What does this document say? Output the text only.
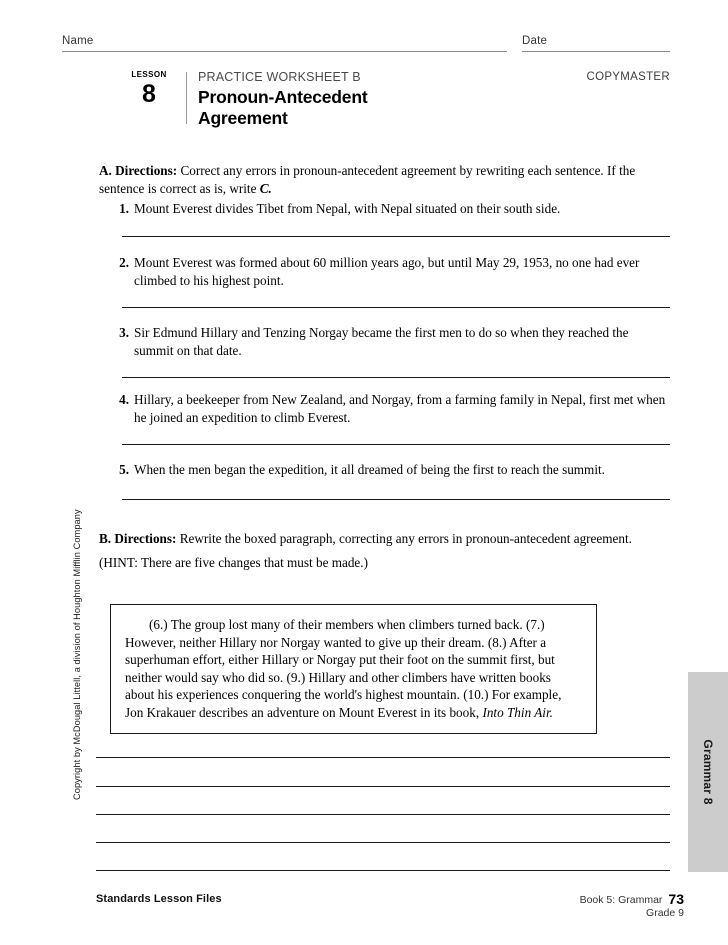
Name	Date
LESSON
8
PRACTICE WORKSHEET B
Pronoun-Antecedent
Agreement
COPYMASTER
A. Directions: Correct any errors in pronoun-antecedent agreement by rewriting each sentence. If the sentence is correct as is, write C.
1. Mount Everest divides Tibet from Nepal, with Nepal situated on their south side.
2. Mount Everest was formed about 60 million years ago, but until May 29, 1953, no one had ever climbed to his highest point.
3. Sir Edmund Hillary and Tenzing Norgay became the first men to do so when they reached the summit on that date.
4. Hillary, a beekeeper from New Zealand, and Norgay, from a farming family in Nepal, first met when he joined an expedition to climb Everest.
5. When the men began the expedition, it all dreamed of being the first to reach the summit.
B. Directions: Rewrite the boxed paragraph, correcting any errors in pronoun-antecedent agreement.
(HINT: There are five changes that must be made.)
(6.) The group lost many of their members when climbers turned back. (7.) However, neither Hillary nor Norgay wanted to give up their dream. (8.) After a superhuman effort, either Hillary or Norgay put their foot on the summit first, but neither would say who did so. (9.) Hillary and other climbers have written books about his experiences conquering the world's highest mountain. (10.) For example, Jon Krakauer describes an adventure on Mount Everest in its book, Into Thin Air.
Copyright by McDougal Littell, a division of Houghton Mifflin Company	Grammar 8
Standards Lesson Files	Book 5: Grammar 73
Grade 9
